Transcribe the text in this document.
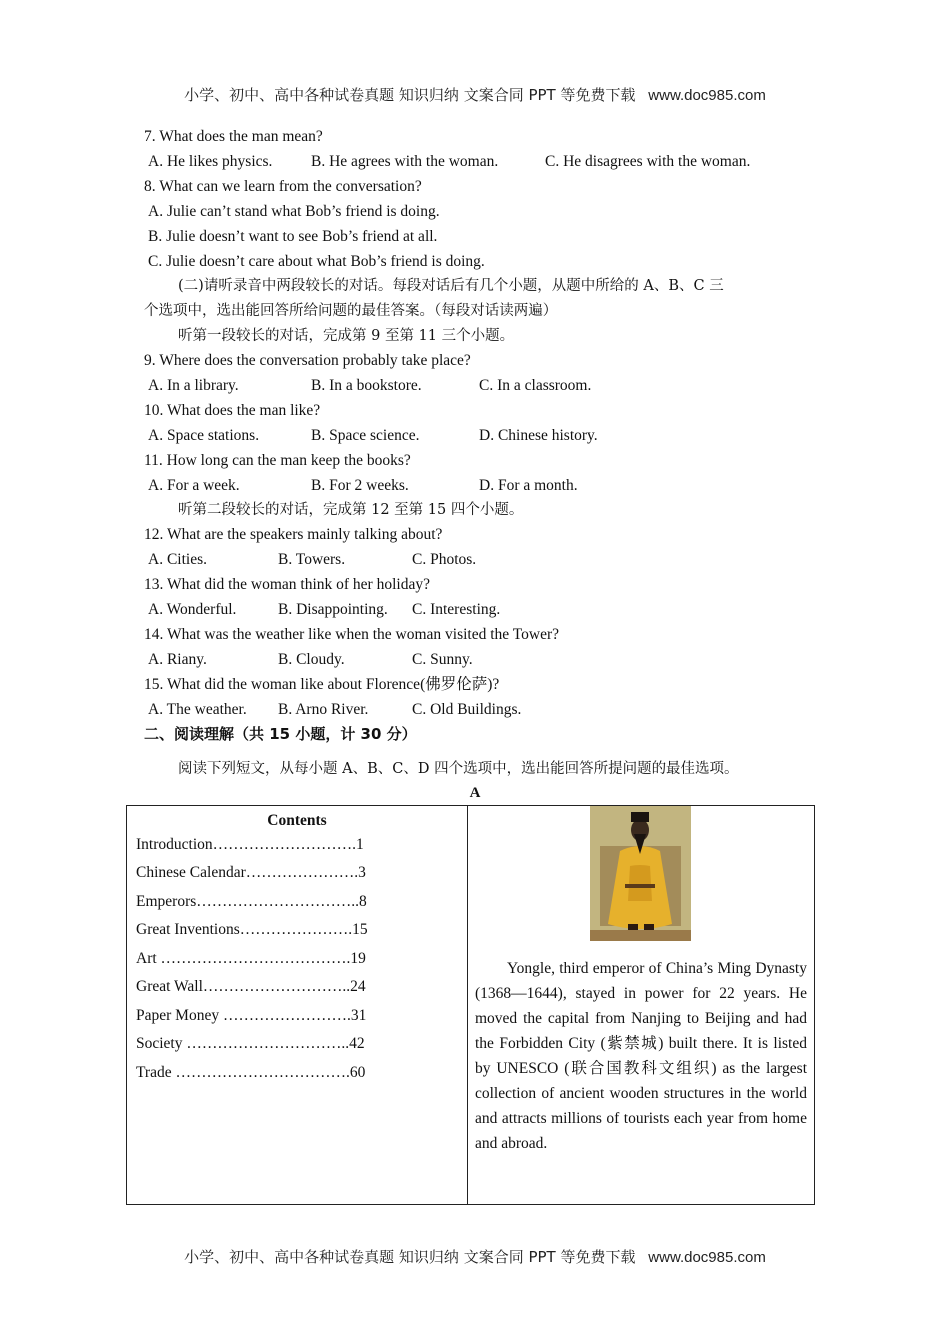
小学、初中、高中各种试卷真题 知识归纳 文案合同 PPT 等免费下载 www.doc985.com
7. What does the man mean?
A. He likes physics. B. He agrees with the woman.	C. He disagrees with the woman.
8. What can we learn from the conversation?
A. Julie can’t stand what Bob’s friend is doing.
B. Julie doesn’t want to see Bob’s friend at all.
C. Julie doesn’t care about what Bob’s friend is doing.
(二)请听录音中两段较长的对话。每段对话后有几个小题，从题中所给的 A、B、C 三
个选项中，选出能回答所给问题的最佳答案。（每段对话读两遍）
听第一段较长的对话，完成第 9 至第 11 三个小题。
9. Where does the conversation probably take place?
A. In a library.	B. In a bookstore.	C. In a classroom.
10. What does the man like?
A. Space stations.	B. Space science.	D. Chinese history.
11. How long can the man keep the books?
A. For a week.	B. For 2 weeks.	D. For a month.
听第二段较长的对话，完成第 12 至第 15 四个小题。
12. What are the speakers mainly talking about?
A. Cities.	B. Towers.	C. Photos.
13. What did the woman think of her holiday?
A. Wonderful.	B. Disappointing. C. Interesting.
14. What was the weather like when the woman visited the Tower?
A. Riany.	B. Cloudy.	C. Sunny.
15. What did the woman like about Florence(佛罗伦萨)?
A. The weather. B. Arno River.	C. Old Buildings.
二、阅读理解（共 15 小题，计 30 分）
阅读下列短文，从每小题 A、B、C、D 四个选项中，选出能回答所提问题的最佳选项。
A
Contents
Introduction……………………….1
Chinese Calendar………………….3
Emperors…………………………..8
Great Inventions………………….15
Art ……………………………….19
Great Wall………………………..24
Paper Money …………………….31
Society …………………………..42
Trade …………………………….60
Yongle, third emperor of China’s Ming Dynasty (1368—1644), stayed in power for 22 years. He moved the capital from Nanjing to Beijing and had the Forbidden City (紫禁城) built there. It is listed by UNESCO (联合国教科文组织) as the largest collection of ancient wooden structures in the world and attracts millions of tourists each year from home and abroad.
小学、初中、高中各种试卷真题 知识归纳 文案合同 PPT 等免费下载 www.doc985.com
